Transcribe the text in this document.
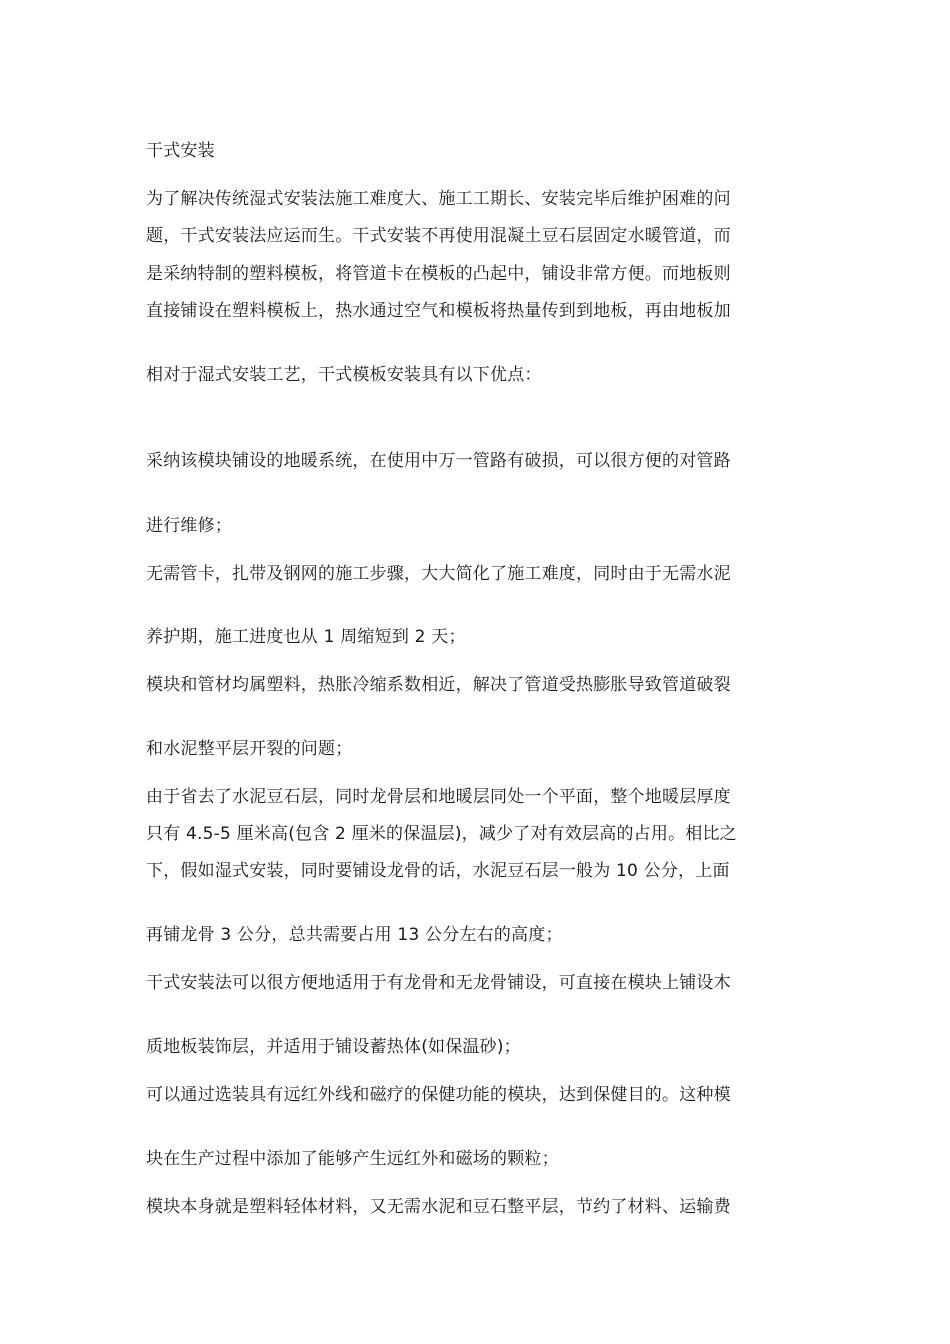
干式安装
为了解决传统湿式安装法施工难度大、施工工期长、安装完毕后维护困难的问
题，干式安装法应运而生。干式安装不再使用混凝土豆石层固定水暖管道，而
是采纳特制的塑料模板，将管道卡在模板的凸起中，铺设非常方便。而地板则
直接铺设在塑料模板上，热水通过空气和模板将热量传到到地板，再由地板加
相对于湿式安装工艺，干式模板安装具有以下优点：
采纳该模块铺设的地暖系统，在使用中万一管路有破损，可以很方便的对管路
进行维修；
无需管卡，扎带及钢网的施工步骤，大大简化了施工难度，同时由于无需水泥
养护期，施工进度也从 1 周缩短到 2 天；
模块和管材均属塑料，热胀冷缩系数相近，解决了管道受热膨胀导致管道破裂
和水泥整平层开裂的问题；
由于省去了水泥豆石层，同时龙骨层和地暖层同处一个平面，整个地暖层厚度
只有 4.5-5 厘米高(包含 2 厘米的保温层)，减少了对有效层高的占用。相比之
下，假如湿式安装，同时要铺设龙骨的话，水泥豆石层一般为 10 公分，上面
再铺龙骨 3 公分，总共需要占用 13 公分左右的高度；
干式安装法可以很方便地适用于有龙骨和无龙骨铺设，可直接在模块上铺设木
质地板装饰层，并适用于铺设蓄热体(如保温砂)；
可以通过选装具有远红外线和磁疗的保健功能的模块，达到保健目的。这种模
块在生产过程中添加了能够产生远红外和磁场的颗粒；
模块本身就是塑料轻体材料，又无需水泥和豆石整平层，节约了材料、运输费
